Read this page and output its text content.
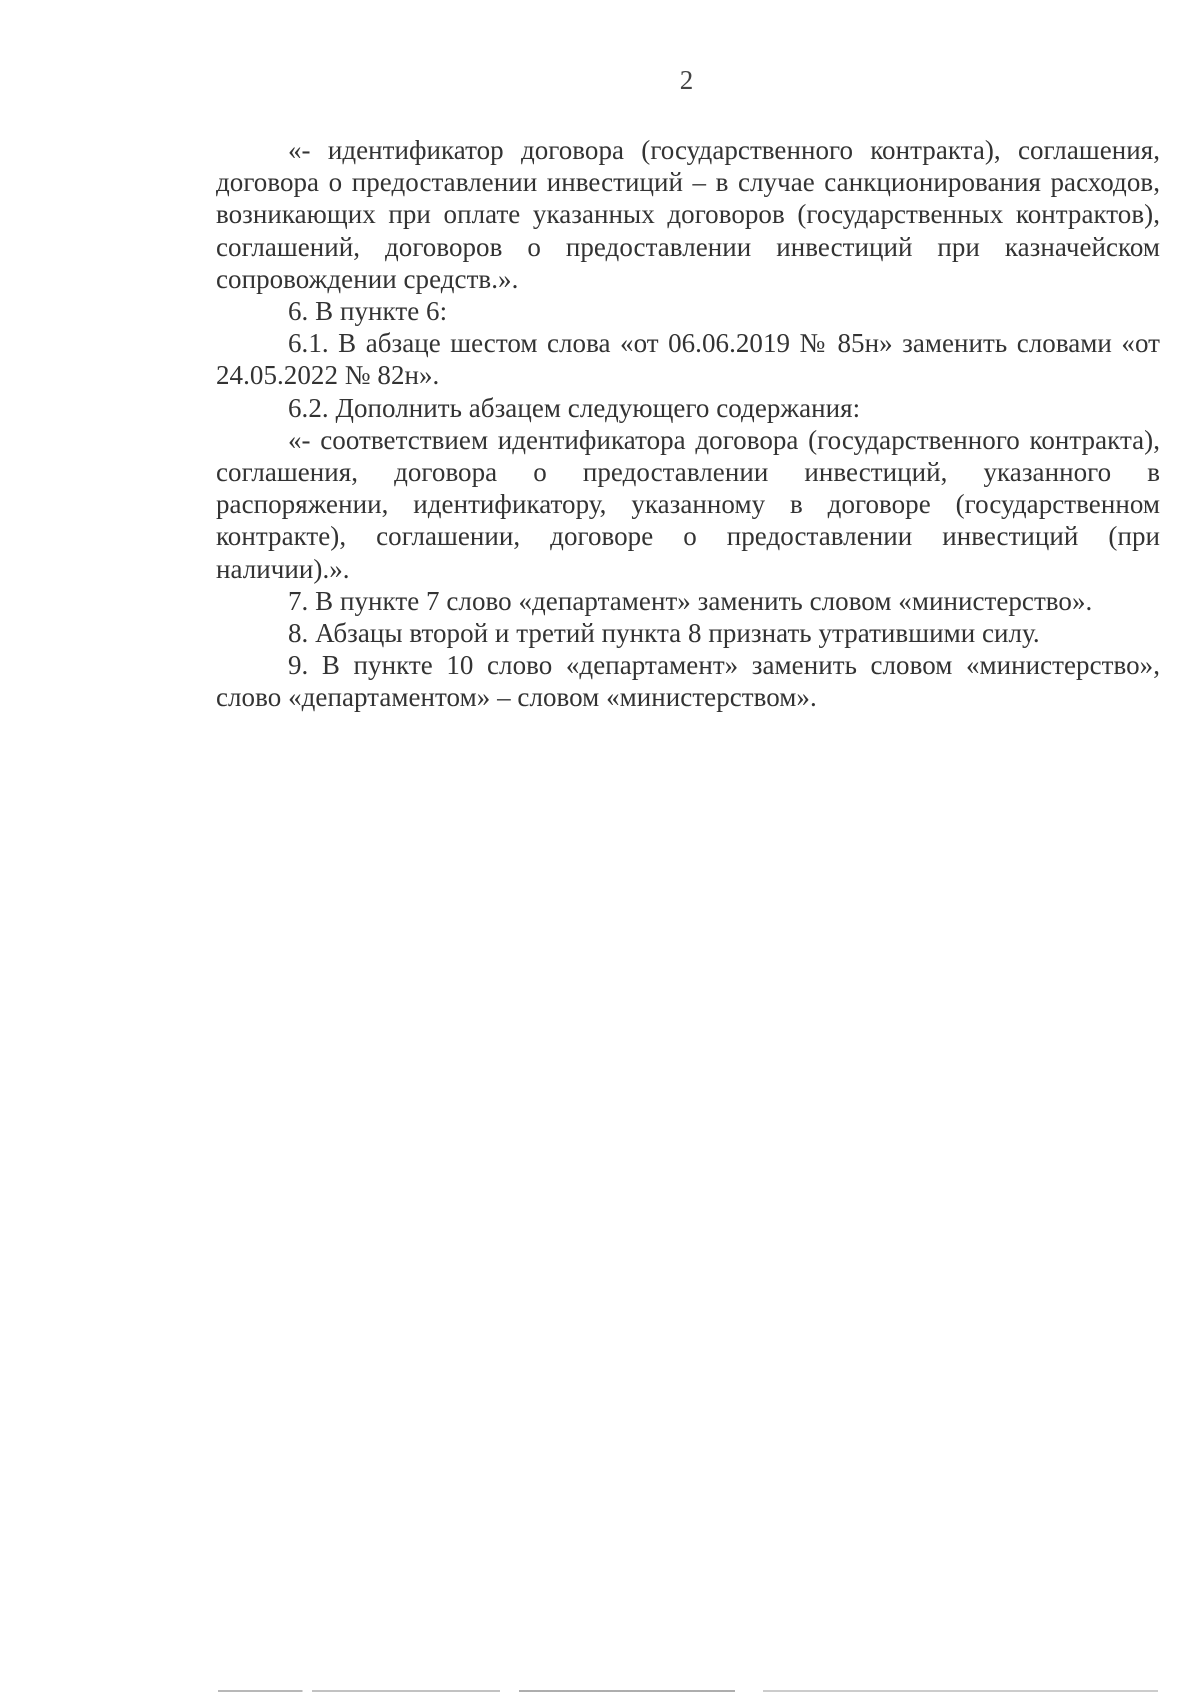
2

«- идентификатор договора (государственного контракта), соглашения, договора о предоставлении инвестиций – в случае санкционирования расходов, возникающих при оплате указанных договоров (государственных контрактов), соглашений, договоров о предоставлении инвестиций при казначейском сопровождении средств.».

6. В пункте 6:

6.1. В абзаце шестом слова «от 06.06.2019 № 85н» заменить словами «от 24.05.2022 № 82н».

6.2. Дополнить абзацем следующего содержания:

«- соответствием идентификатора договора (государственного контракта), соглашения, договора о предоставлении инвестиций, указанного в распоряжении, идентификатору, указанному в договоре (государственном контракте), соглашении, договоре о предоставлении инвестиций (при наличии).».

7. В пункте 7 слово «департамент» заменить словом «министерство».

8. Абзацы второй и третий пункта 8 признать утратившими силу.

9. В пункте 10 слово «департамент» заменить словом «министерство», слово «департаментом» – словом «министерством».
